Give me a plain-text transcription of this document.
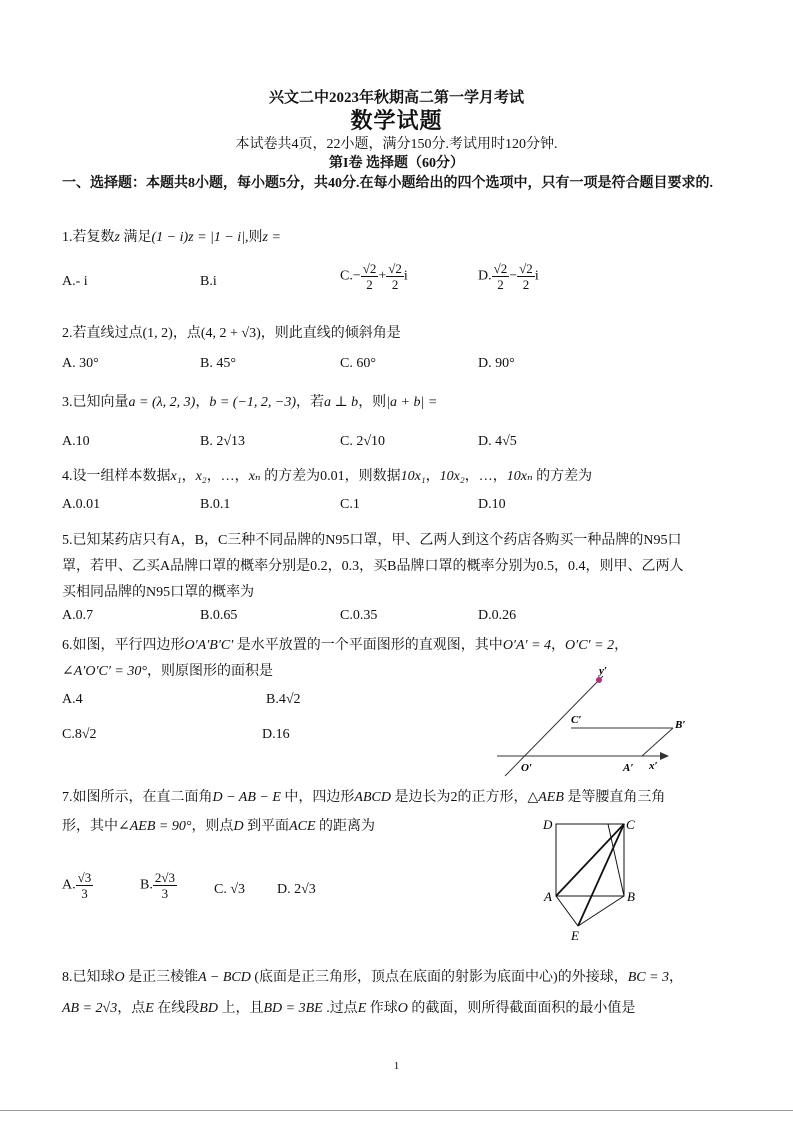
兴文二中2023年秋期高二第一学月考试
数学试题
本试卷共4页，22小题，满分150分.考试用时120分钟.
第I卷 选择题（60分）
一、选择题：本题共8小题，每小题5分，共40分.在每小题给出的四个选项中，只有一项是符合题目要求的.
1.若复数z 满足(1 − i)z = |1 − i|,则z =
A.- i	B.i	$C.- \frac{√2}{2} + \frac{√2}{2}$ i	D. $\frac{√2}{2} - \frac{√2}{2}$ i
2.若直线过点(1, 2)，点(4, 2 + √3)，则此直线的倾斜角是
A. 30°	B. 45°	C. 60°	D. 90°
3.已知向量a = (λ, 2, 3)，b = (−1, 2, −3)，若a ⊥ b，则|a + b| =
A.10	B. 2√13	C. 2√10	D. 4√5
4.设一组样本数据x₁，x₂，…，xₙ 的方差为0.01，则数据10x₁，10x₂，…，10xₙ 的方差为
A.0.01	B.0.1	C.1	D.10
5.已知某药店只有A，B，C三种不同品牌的N95口罩，甲、乙两人到这个药店各购买一种品牌的N95口
罩，若甲、乙买A品牌口罩的概率分别是0.2，0.3，买B品牌口罩的概率分别为0.5，0.4，则甲、乙两人
买相同品牌的N95口罩的概率为
A.0.7	B.0.65	C.0.35	D.0.26
6.如图，平行四边形O′A′B′C′ 是水平放置的一个平面图形的直观图，其中O′A′ = 4，O′C′ = 2，
∠A′O′C′ = 30°，则原图形的面积是
A.4	B.4√2
C.8√2	D.16
y′
C′	B′
O′	A′ x′
7.如图所示，在直二面角D − AB − E 中，四边形ABCD 是边长为2的正方形，△AEB 是等腰直角三角
形，其中∠AEB = 90°，则点D 到平面ACE 的距离为
A. $\frac{√3}{3}$	B. $\frac{2√3}{3}$	C. √3 D. 2√3
D	C
A	B
E
8.已知球O 是正三棱锥A − BCD (底面是正三角形，顶点在底面的射影为底面中心)的外接球，BC = 3，
AB = 2√3，点E 在线段BD 上，且BD = 3BE .过点E 作球O 的截面，则所得截面面积的最小值是
1
